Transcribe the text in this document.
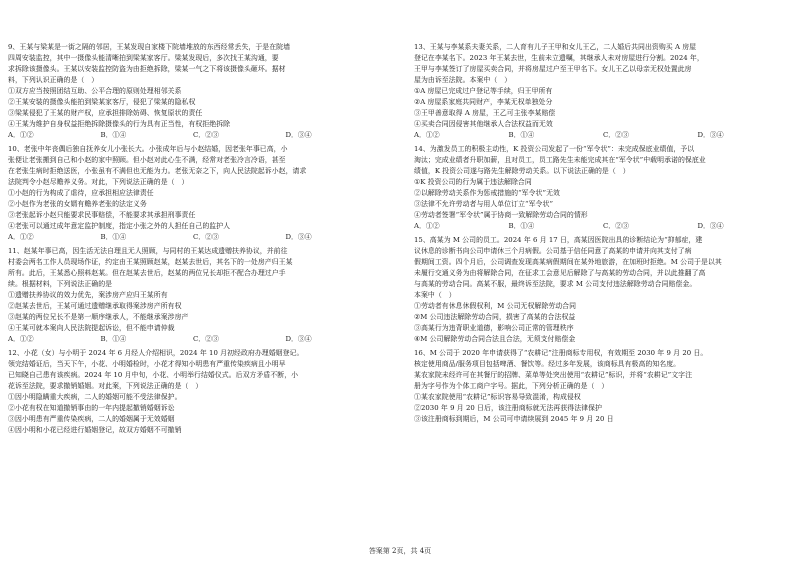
9、王某与梁某是一街之隔的邻居，王某发现自家楼下院墙堆放的东西经常丢失，于是在院墙
四周安装监控，其中一摄像头能清晰拍到梁某家客厅。梁某发现后，多次找王某沟通，要
求拆除该摄像头。王某以安装监控防盗为由拒绝拆除，梁某一气之下将该摄像头砸坏。据材
料，下列认识正确的是（　）
①双方应当按照团结互助、公平合理的原则处理相邻关系
②王某安装的摄像头能拍到梁某家客厅，侵犯了梁某的隐私权
③梁某侵犯了王某的财产权，应承担排除妨碍、恢复原状的责任
④王某为维护自身权益拒绝拆除摄像头的行为具有正当性，有权拒绝拆除
A．①②	B．①④	C．②③	D．③④
10、老张中年丧偶后独自抚养女儿小张长大。小张成年后与小赵结婚，因老张年事已高，小
张便让老张搬到自己和小赵的家中照顾。但小赵对此心生不满，经常对老张冷言冷语，甚至
在老张生病时拒绝送医，小张虽有不满但也无能为力。老张无奈之下，向人民法院起诉小赵，请求
法院判令小赵尽赡养义务。对此，下列说法正确的是（　）
①小赵的行为构成了虐待，应承担相应法律责任
②小赵作为老张的女婿有赡养老张的法定义务
③老张起诉小赵只能要求民事赔偿，不能要求其承担刑事责任
④老张可以通过成年意定监护制度，指定小张之外的人担任自己的监护人
A．①②	B．①④	C．②③	D．③④
11、赵某年事已高，因生活无法自理且无人照顾，与同村的王某达成遗赠扶养协议，并前往
村委会两名工作人员现场作证，约定由王某照顾赵某，赵某去世后，其名下的一处房产归王某
所有。此后，王某悉心照料赵某。但在赵某去世后，赵某的两位兄长却拒不配合办理过户手
续。根据材料，下列说法正确的是
①遗赠扶养协议的效力优先，案涉房产应归王某所有
②赵某去世后，王某可通过遗赠继承取得案涉房产所有权
③赵某的两位兄长不是第一顺序继承人，不能继承案涉房产
④王某可就本案向人民法院提起诉讼，但不能申请仲裁
A．①②	B．①④	C．②③	D．③④
12、小花（女）与小明于 2024 年 6 月经人介绍相识，2024 年 10 月初经政府办理婚姻登记。
领完结婚证后，当天下午，小花、小明婚检时，小花才得知小明患有严重传染疾病且小明早
已知晓自己患有该疾病。2024 年 10 月中旬，小花、小明举行结婚仪式。后双方矛盾不断，小
花诉至法院，要求撤销婚姻。对此案，下列说法正确的是（　）
①因小明隐瞒重大疾病，二人的婚姻可能不受法律保护。
②小花有权在知道撤销事由的一年内提起撤销婚姻诉讼
③因小明患有严重传染疾病，二人的婚姻属于无效婚姻
④因小明和小花已经进行婚姻登记，故双方婚姻不可撤销
13、王某与李某系夫妻关系，二人育有儿子王甲和女儿王乙，二人婚后共同出资购买 A 房屋
登记在李某名下。2023 年王某去世，生前未立遗嘱，其继承人未对房屋进行分割。2024 年，
王甲与李某签订了房屋买卖合同，并将房屋过户至王甲名下。女儿王乙以母亲无权处置此房
屋为由诉至法院。本案中（　）
①A 房屋已完成过户登记等手续，归王甲所有
②A 房屋系家庭共同财产，李某无权单独处分
③王甲善意取得 A 房屋，王乙可主张李某赔偿
④买卖合同因侵害其他继承人合法权益而无效
A．①②	B．①④	C．②③	D．③④
14、为激发员工的积极主动性，K 投资公司发起了一份“军令状”：未完成保底业绩值，予以
淘汰；完成业绩者升职加薪，且对员工，员工路先生未能完成其在“军令状”中载明承诺的保底业
绩值，K 投资公司遂与路先生解除劳动关系。以下说法正确的是（　）
①K 投资公司的行为属于违法解除合同
②以解除劳动关系作为惩戒措施的“军令状”无效
③法律不允许劳动者与用人单位订立“军令状”
④劳动者签署“军令状”属于协商一致解除劳动合同的情形
A．①②	B．①④	C．②③	D．③④
15、高某为 M 公司的员工。2024 年 6 月 17 日，高某因医院出具的诊断结论为“抑郁症，建
议休息的诊断书向公司申请休三个月病假。公司基于信任同意了高某的申请并向其支付了病
假期间工资。四个月后，公司调查发现高某病假期间在某外地旅游，在加班时拒绝。M 公司于是以其
未履行交通义务为由将解除合同，在征求工会意见后解除了与高某的劳动合同，并以此推翻了高
与高某的劳动合同。高某不服，最终诉至法院，要求 M 公司支付违法解除劳动合同赔偿金。
本案中（　）
①劳动者有休息休假权利，M 公司无权解除劳动合同
②M 公司违法解除劳动合同，损害了高某的合法权益
③高某行为违背职业道德，影响公司正常的管理秩序
④M 公司解除劳动合同合法且合法，无须支付赔偿金
16、M 公司于 2020 年申请获得了“农耕记”注册商标专用权，有效期至 2030 年 9 月 20 日。
核定使用商品/服务项目包括啤酒、餐饮等。经过多年发展，该商标具有极高的知名度。
某农家院未经许可在其餐厅的招牌、菜单等处突出使用“农耕记”标识，并将“农耕记”文字注
册为字号作为个体工商户字号。据此，下列分析正确的是（　）
①某农家院使用“农耕记”标识容易导致混淆，构成侵权
②2030 年 9 月 20 日后，该注册商标就无法再获得法律保护
③该注册商标到期后，M 公司可申请续展到 2045 年 9 月 20 日
答案第 2页，共 4页
